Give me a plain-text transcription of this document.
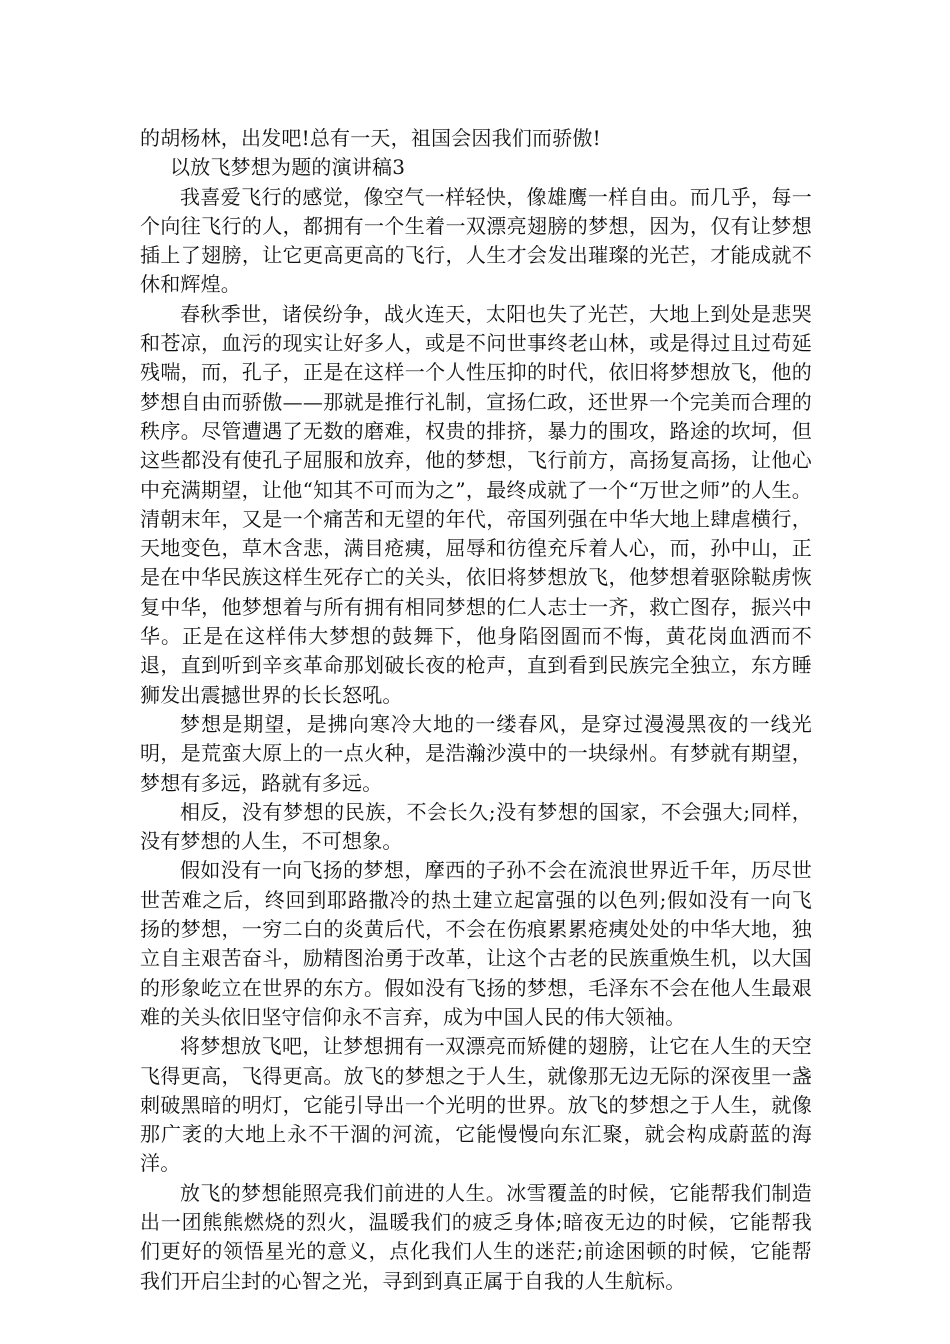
的胡杨林，出发吧!总有一天，祖国会因我们而骄傲!

以放飞梦想为题的演讲稿3

我喜爱飞行的感觉，像空气一样轻快，像雄鹰一样自由。而几乎，每一个向往飞行的人，都拥有一个生着一双漂亮翅膀的梦想，因为，仅有让梦想插上了翅膀，让它更高更高的飞行，人生才会发出璀璨的光芒，才能成就不休和辉煌。

春秋季世，诸侯纷争，战火连天，太阳也失了光芒，大地上到处是悲哭和苍凉，血污的现实让好多人，或是不问世事终老山林，或是得过且过苟延残喘，而，孔子，正是在这样一个人性压抑的时代，依旧将梦想放飞，他的梦想自由而骄傲——那就是推行礼制，宣扬仁政，还世界一个完美而合理的秩序。尽管遭遇了无数的磨难，权贵的排挤，暴力的围攻，路途的坎坷，但这些都没有使孔子屈服和放弃，他的梦想，飞行前方，高扬复高扬，让他心中充满期望，让他“知其不可而为之”，最终成就了一个“万世之师”的人生。清朝末年，又是一个痛苦和无望的年代，帝国列强在中华大地上肆虐横行，天地变色，草木含悲，满目疮痍，屈辱和彷徨充斥着人心，而，孙中山，正是在中华民族这样生死存亡的关头，依旧将梦想放飞，他梦想着驱除鞑虏恢复中华，他梦想着与所有拥有相同梦想的仁人志士一齐，救亡图存，振兴中华。正是在这样伟大梦想的鼓舞下，他身陷囹圄而不悔，黄花岗血洒而不退，直到听到辛亥革命那划破长夜的枪声，直到看到民族完全独立，东方睡狮发出震撼世界的长长怒吼。

梦想是期望，是拂向寒冷大地的一缕春风，是穿过漫漫黑夜的一线光明，是荒蛮大原上的一点火种，是浩瀚沙漠中的一块绿州。有梦就有期望，梦想有多远，路就有多远。

相反，没有梦想的民族，不会长久;没有梦想的国家，不会强大;同样，没有梦想的人生，不可想象。

假如没有一向飞扬的梦想，摩西的子孙不会在流浪世界近千年，历尽世世苦难之后，终回到耶路撒冷的热土建立起富强的以色列;假如没有一向飞扬的梦想，一穷二白的炎黄后代，不会在伤痕累累疮痍处处的中华大地，独立自主艰苦奋斗，励精图治勇于改革，让这个古老的民族重焕生机，以大国的形象屹立在世界的东方。假如没有飞扬的梦想，毛泽东不会在他人生最艰难的关头依旧坚守信仰永不言弃，成为中国人民的伟大领袖。

将梦想放飞吧，让梦想拥有一双漂亮而矫健的翅膀，让它在人生的天空飞得更高，飞得更高。放飞的梦想之于人生，就像那无边无际的深夜里一盏刺破黑暗的明灯，它能引导出一个光明的世界。放飞的梦想之于人生，就像那广袤的大地上永不干涸的河流，它能慢慢向东汇聚，就会构成蔚蓝的海洋。

放飞的梦想能照亮我们前进的人生。冰雪覆盖的时候，它能帮我们制造出一团熊熊燃烧的烈火，温暖我们的疲乏身体;暗夜无边的时候，它能帮我们更好的领悟星光的意义，点化我们人生的迷茫;前途困顿的时候，它能帮我们开启尘封的心智之光，寻到到真正属于自我的人生航标。
